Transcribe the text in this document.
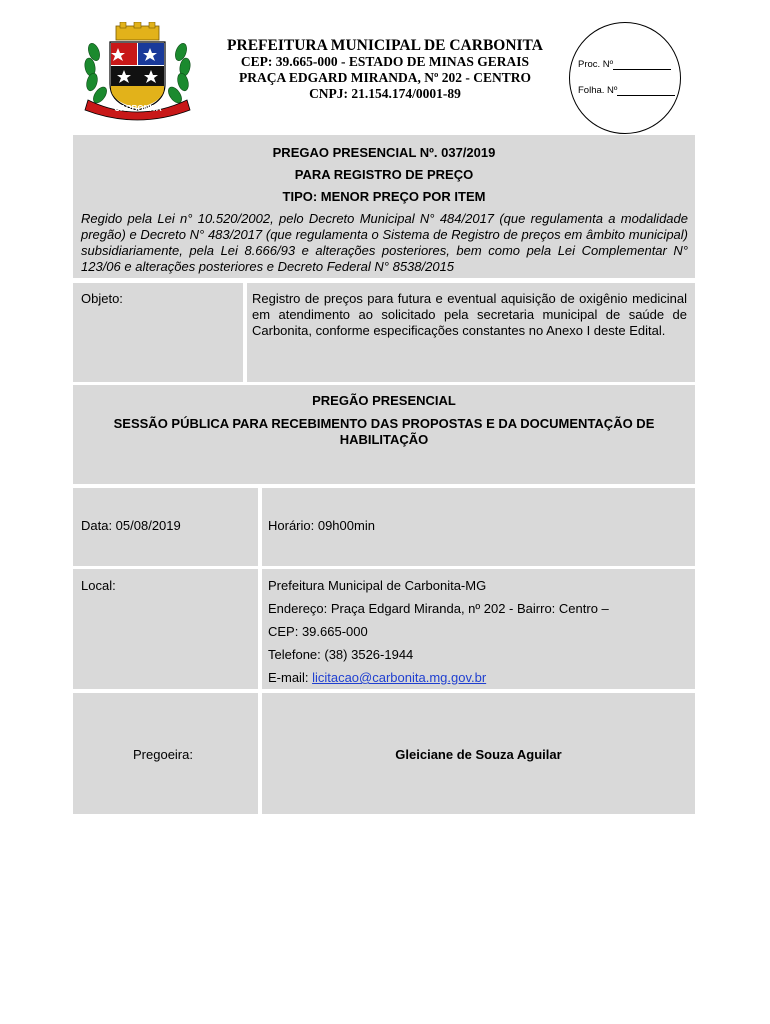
CARBONITA
PREFEITURA MUNICIPAL DE CARBONITA
CEP: 39.665-000 - ESTADO DE MINAS GERAIS
PRAÇA EDGARD MIRANDA, Nº 202 - CENTRO
CNPJ: 21.154.174/0001-89
Proc. Nº
Folha. Nº
PREGAO PRESENCIAL Nº. 037/2019
PARA REGISTRO DE PREÇO
TIPO: MENOR PREÇO POR ITEM
Regido pela Lei n° 10.520/2002, pelo Decreto Municipal N° 484/2017 (que regulamenta a modalidade pregão) e Decreto N° 483/2017 (que regulamenta o Sistema de Registro de preços em âmbito municipal) subsidiariamente, pela Lei 8.666/93 e alterações posteriores, bem como pela Lei Complementar N° 123/06 e alterações posteriores e Decreto Federal N° 8538/2015
Objeto:	Registro de preços para futura e eventual aquisição de oxigênio medicinal em atendimento ao solicitado pela secretaria municipal de saúde de Carbonita, conforme especificações constantes no Anexo I deste Edital.
PREGÃO PRESENCIAL
SESSÃO PÚBLICA PARA RECEBIMENTO DAS PROPOSTAS E DA DOCUMENTAÇÃO DE HABILITAÇÃO
Data: 05/08/2019	Horário: 09h00min
Local:	Prefeitura Municipal de Carbonita-MG
Endereço: Praça Edgard Miranda, nº 202 - Bairro: Centro –
CEP: 39.665-000
Telefone: (38) 3526-1944
E-mail: licitacao@carbonita.mg.gov.br
Pregoeira:	Gleiciane de Souza Aguilar
